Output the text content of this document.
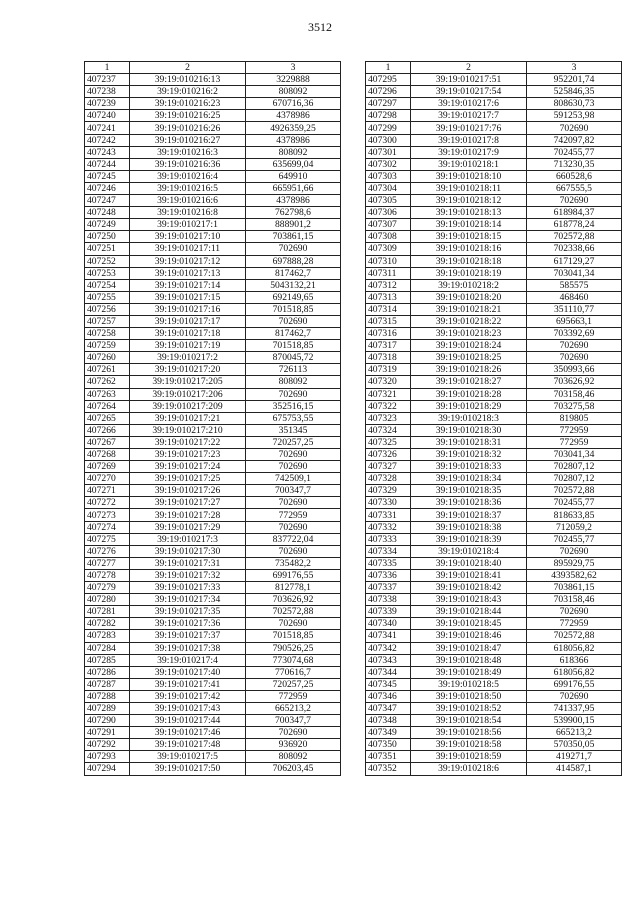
3512
1	2	3
407237	39:19:010216:13	3229888
407238	39:19:010216:2	808092
407239	39:19:010216:23	670716,36
407240	39:19:010216:25	4378986
407241	39:19:010216:26	4926359,25
407242	39:19:010216:27	4378986
407243	39:19:010216:3	808092
407244	39:19:010216:36	635699,04
407245	39:19:010216:4	649910
407246	39:19:010216:5	665951,66
407247	39:19:010216:6	4378986
407248	39:19:010216:8	762798,6
407249	39:19:010217:1	888901,2
407250	39:19:010217:10	703861,15
407251	39:19:010217:11	702690
407252	39:19:010217:12	697888,28
407253	39:19:010217:13	817462,7
407254	39:19:010217:14	5043132,21
407255	39:19:010217:15	692149,65
407256	39:19:010217:16	701518,85
407257	39:19:010217:17	702690
407258	39:19:010217:18	817462,7
407259	39:19:010217:19	701518,85
407260	39:19:010217:2	870045,72
407261	39:19:010217:20	726113
407262	39:19:010217:205	808092
407263	39:19:010217:206	702690
407264	39:19:010217:209	352516,15
407265	39:19:010217:21	675753,55
407266	39:19:010217:210	351345
407267	39:19:010217:22	720257,25
407268	39:19:010217:23	702690
407269	39:19:010217:24	702690
407270	39:19:010217:25	742509,1
407271	39:19:010217:26	700347,7
407272	39:19:010217:27	702690
407273	39:19:010217:28	772959
407274	39:19:010217:29	702690
407275	39:19:010217:3	837722,04
407276	39:19:010217:30	702690
407277	39:19:010217:31	735482,2
407278	39:19:010217:32	699176,55
407279	39:19:010217:33	812778,1
407280	39:19:010217:34	703626,92
407281	39:19:010217:35	702572,88
407282	39:19:010217:36	702690
407283	39:19:010217:37	701518,85
407284	39:19:010217:38	790526,25
407285	39:19:010217:4	773074,68
407286	39:19:010217:40	770616,7
407287	39:19:010217:41	720257,25
407288	39:19:010217:42	772959
407289	39:19:010217:43	665213,2
407290	39:19:010217:44	700347,7
407291	39:19:010217:46	702690
407292	39:19:010217:48	936920
407293	39:19:010217:5	808092
407294	39:19:010217:50	706203,45
1	2	3
407295	39:19:010217:51	952201,74
407296	39:19:010217:54	525846,35
407297	39:19:010217:6	808630,73
407298	39:19:010217:7	591253,98
407299	39:19:010217:76	702690
407300	39:19:010217:8	742097,82
407301	39:19:010217:9	702455,77
407302	39:19:010218:1	713230,35
407303	39:19:010218:10	660528,6
407304	39:19:010218:11	667555,5
407305	39:19:010218:12	702690
407306	39:19:010218:13	618984,37
407307	39:19:010218:14	618778,24
407308	39:19:010218:15	702572,88
407309	39:19:010218:16	702338,66
407310	39:19:010218:18	617129,27
407311	39:19:010218:19	703041,34
407312	39:19:010218:2	585575
407313	39:19:010218:20	468460
407314	39:19:010218:21	351110,77
407315	39:19:010218:22	695663,1
407316	39:19:010218:23	703392,69
407317	39:19:010218:24	702690
407318	39:19:010218:25	702690
407319	39:19:010218:26	350993,66
407320	39:19:010218:27	703626,92
407321	39:19:010218:28	703158,46
407322	39:19:010218:29	703275,58
407323	39:19:010218:3	819805
407324	39:19:010218:30	772959
407325	39:19:010218:31	772959
407326	39:19:010218:32	703041,34
407327	39:19:010218:33	702807,12
407328	39:19:010218:34	702807,12
407329	39:19:010218:35	702572,88
407330	39:19:010218:36	702455,77
407331	39:19:010218:37	818633,85
407332	39:19:010218:38	712059,2
407333	39:19:010218:39	702455,77
407334	39:19:010218:4	702690
407335	39:19:010218:40	895929,75
407336	39:19:010218:41	4393582,62
407337	39:19:010218:42	703861,15
407338	39:19:010218:43	703158,46
407339	39:19:010218:44	702690
407340	39:19:010218:45	772959
407341	39:19:010218:46	702572,88
407342	39:19:010218:47	618056,82
407343	39:19:010218:48	618366
407344	39:19:010218:49	618056,82
407345	39:19:010218:5	699176,55
407346	39:19:010218:50	702690
407347	39:19:010218:52	741337,95
407348	39:19:010218:54	539900,15
407349	39:19:010218:56	665213,2
407350	39:19:010218:58	570350,05
407351	39:19:010218:59	419271,7
407352	39:19:010218:6	414587,1
